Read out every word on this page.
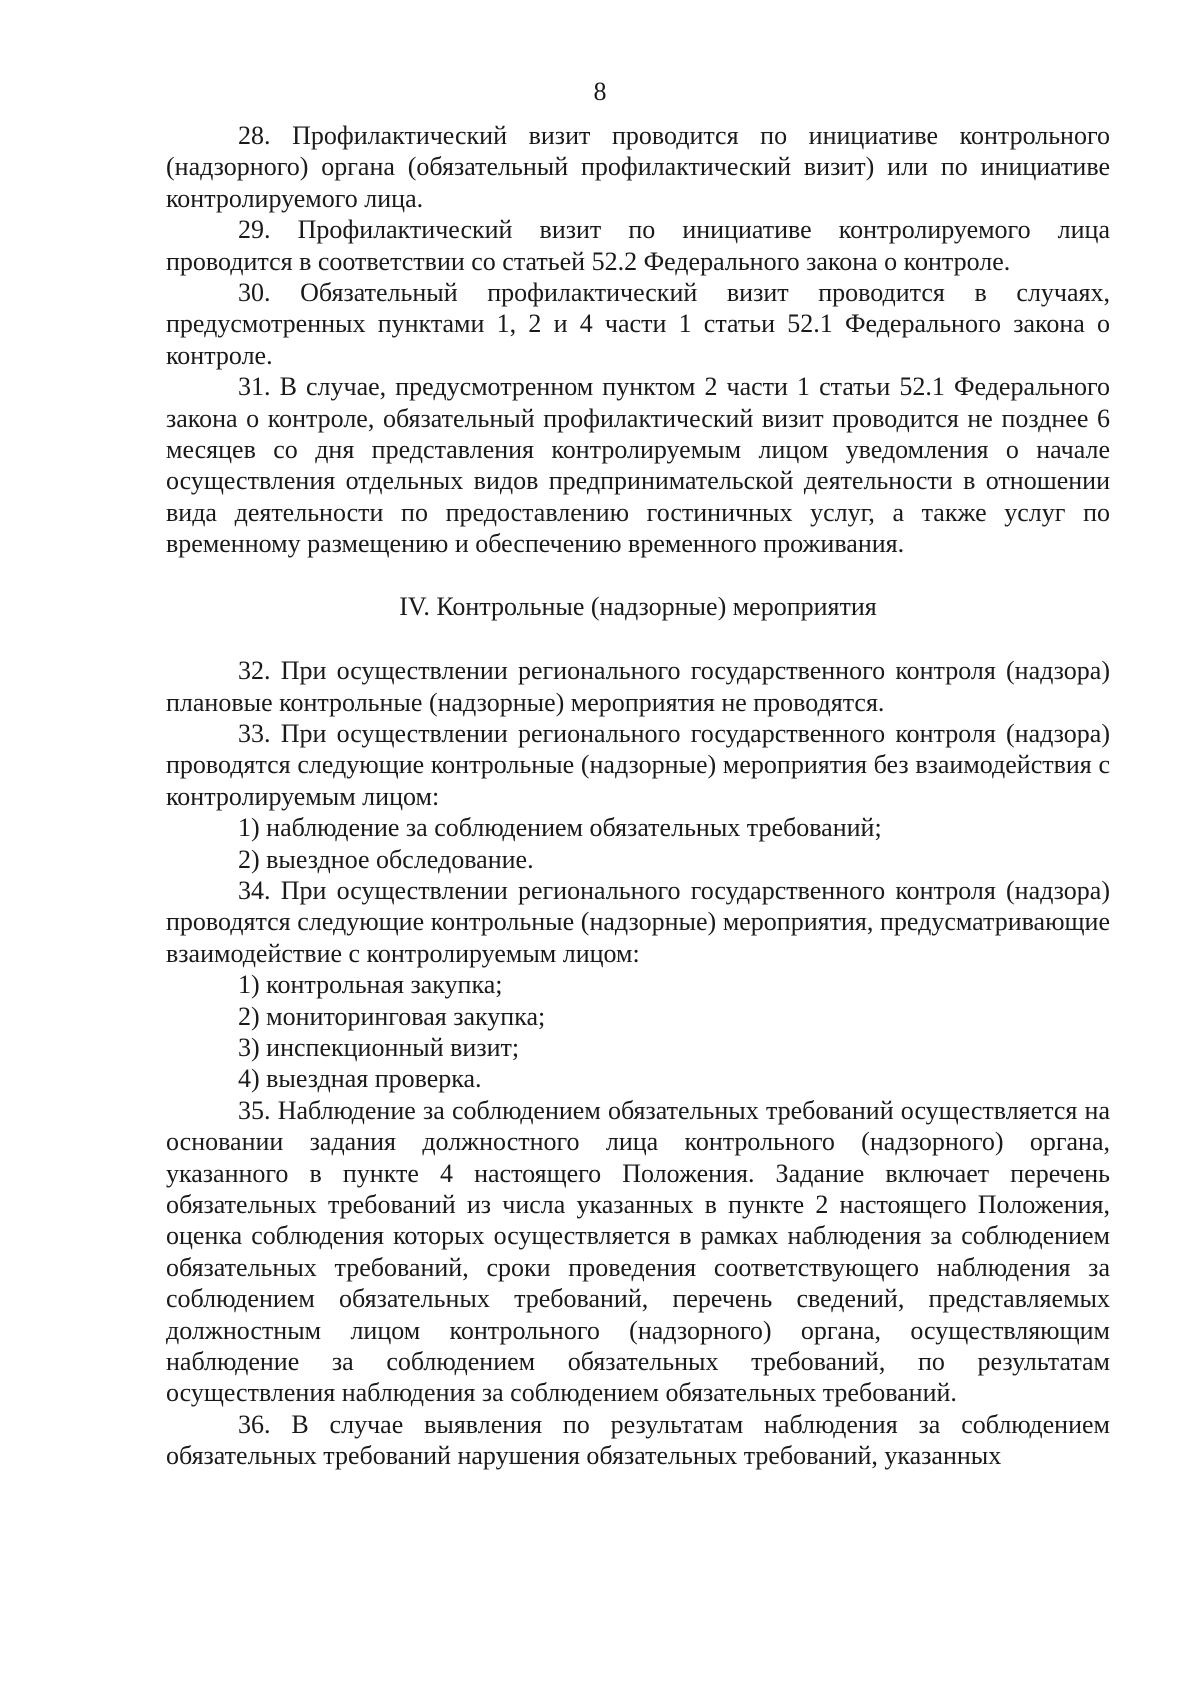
8

28. Профилактический визит проводится по инициативе контрольного (надзорного) органа (обязательный профилактический визит) или по инициативе контролируемого лица.

29. Профилактический визит по инициативе контролируемого лица проводится в соответствии со статьей 52.2 Федерального закона о контроле.

30. Обязательный профилактический визит проводится в случаях, предусмотренных пунктами 1, 2 и 4 части 1 статьи 52.1 Федерального закона о контроле.

31. В случае, предусмотренном пунктом 2 части 1 статьи 52.1 Федерального закона о контроле, обязательный профилактический визит проводится не позднее 6 месяцев со дня представления контролируемым лицом уведомления о начале осуществления отдельных видов предпринимательской деятельности в отношении вида деятельности по предоставлению гостиничных услуг, а также услуг по временному размещению и обеспечению временного проживания.

IV. Контрольные (надзорные) мероприятия

32. При осуществлении регионального государственного контроля (надзора) плановые контрольные (надзорные) мероприятия не проводятся.

33. При осуществлении регионального государственного контроля (надзора) проводятся следующие контрольные (надзорные) мероприятия без взаимодействия с контролируемым лицом:

1) наблюдение за соблюдением обязательных требований;

2) выездное обследование.

34. При осуществлении регионального государственного контроля (надзора) проводятся следующие контрольные (надзорные) мероприятия, предусматривающие взаимодействие с контролируемым лицом:

1) контрольная закупка;

2) мониторинговая закупка;

3) инспекционный визит;

4) выездная проверка.

35. Наблюдение за соблюдением обязательных требований осуществляется на основании задания должностного лица контрольного (надзорного) органа, указанного в пункте 4 настоящего Положения. Задание включает перечень обязательных требований из числа указанных в пункте 2 настоящего Положения, оценка соблюдения которых осуществляется в рамках наблюдения за соблюдением обязательных требований, сроки проведения соответствующего наблюдения за соблюдением обязательных требований, перечень сведений, представляемых должностным лицом контрольного (надзорного) органа, осуществляющим наблюдение за соблюдением обязательных требований, по результатам осуществления наблюдения за соблюдением обязательных требований.

36. В случае выявления по результатам наблюдения за соблюдением обязательных требований нарушения обязательных требований, указанных
